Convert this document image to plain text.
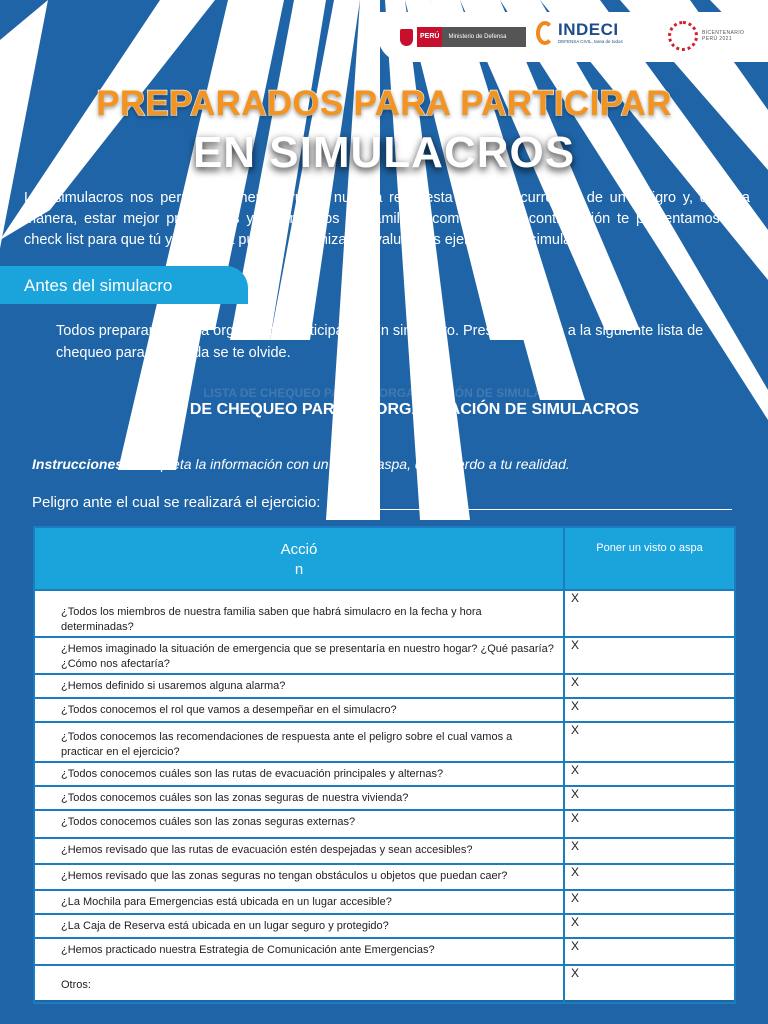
PERÚ	Ministerio de Defensa	INDECI
DEFENSA CIVIL, tarea de todos
BICENTENARIO
PERÚ 2021
PREPARADOS PARA PARTICIPAR
EN SIMULACROS
Los simulacros nos permiten poner a prueba nuestra respuesta ante la ocurrencia de un peligro y, de esta manera, estar mejor preparados y organizados en familia y comunidad. A continuación te presentamos dos check list para que tú y tu familia puedan organizar y evaluar sus ejercicios de simulacro.
Antes del simulacro
Todos preparamos para organizar y participar en un simulacro. Presta atención a la siguiente lista de chequeo para que nada se te olvide.
LISTA DE CHEQUEO PARA LA ORGANIZACIÓN DE SIMULACROS
LISTA DE CHEQUEO PARA LA ORGANIZACIÓN DE SIMULACROS
Instrucciones: Completa la información con un visto o aspa, de acuerdo a tu realidad.
Peligro ante el cual se realizará el ejercicio:
Acció
n	Poner un visto o aspa
¿Todos los miembros de nuestra familia saben que habrá simulacro en la fecha y hora determinadas?	X
¿Hemos imaginado la situación de emergencia que se presentaría en nuestro hogar? ¿Qué pasaría? ¿Cómo nos afectaría?	X
¿Hemos definido si usaremos alguna alarma?	X
¿Todos conocemos el rol que vamos a desempeñar en el simulacro?	X
¿Todos conocemos las recomendaciones de respuesta ante el peligro sobre el cual vamos a practicar en el ejercicio?	X
¿Todos conocemos cuáles son las rutas de evacuación principales y alternas?	X
¿Todos conocemos cuáles son las zonas seguras de nuestra vivienda?	X
¿Todos conocemos cuáles son las zonas seguras externas?	X
¿Hemos revisado que las rutas de evacuación estén despejadas y sean accesibles?	X
¿Hemos revisado que las zonas seguras no tengan obstáculos u objetos que puedan caer?	X
¿La Mochila para Emergencias está ubicada en un lugar accesible?	X
¿La Caja de Reserva está ubicada en un lugar seguro y protegido?	X
¿Hemos practicado nuestra Estrategia de Comunicación ante Emergencias?	X
Otros:	X
